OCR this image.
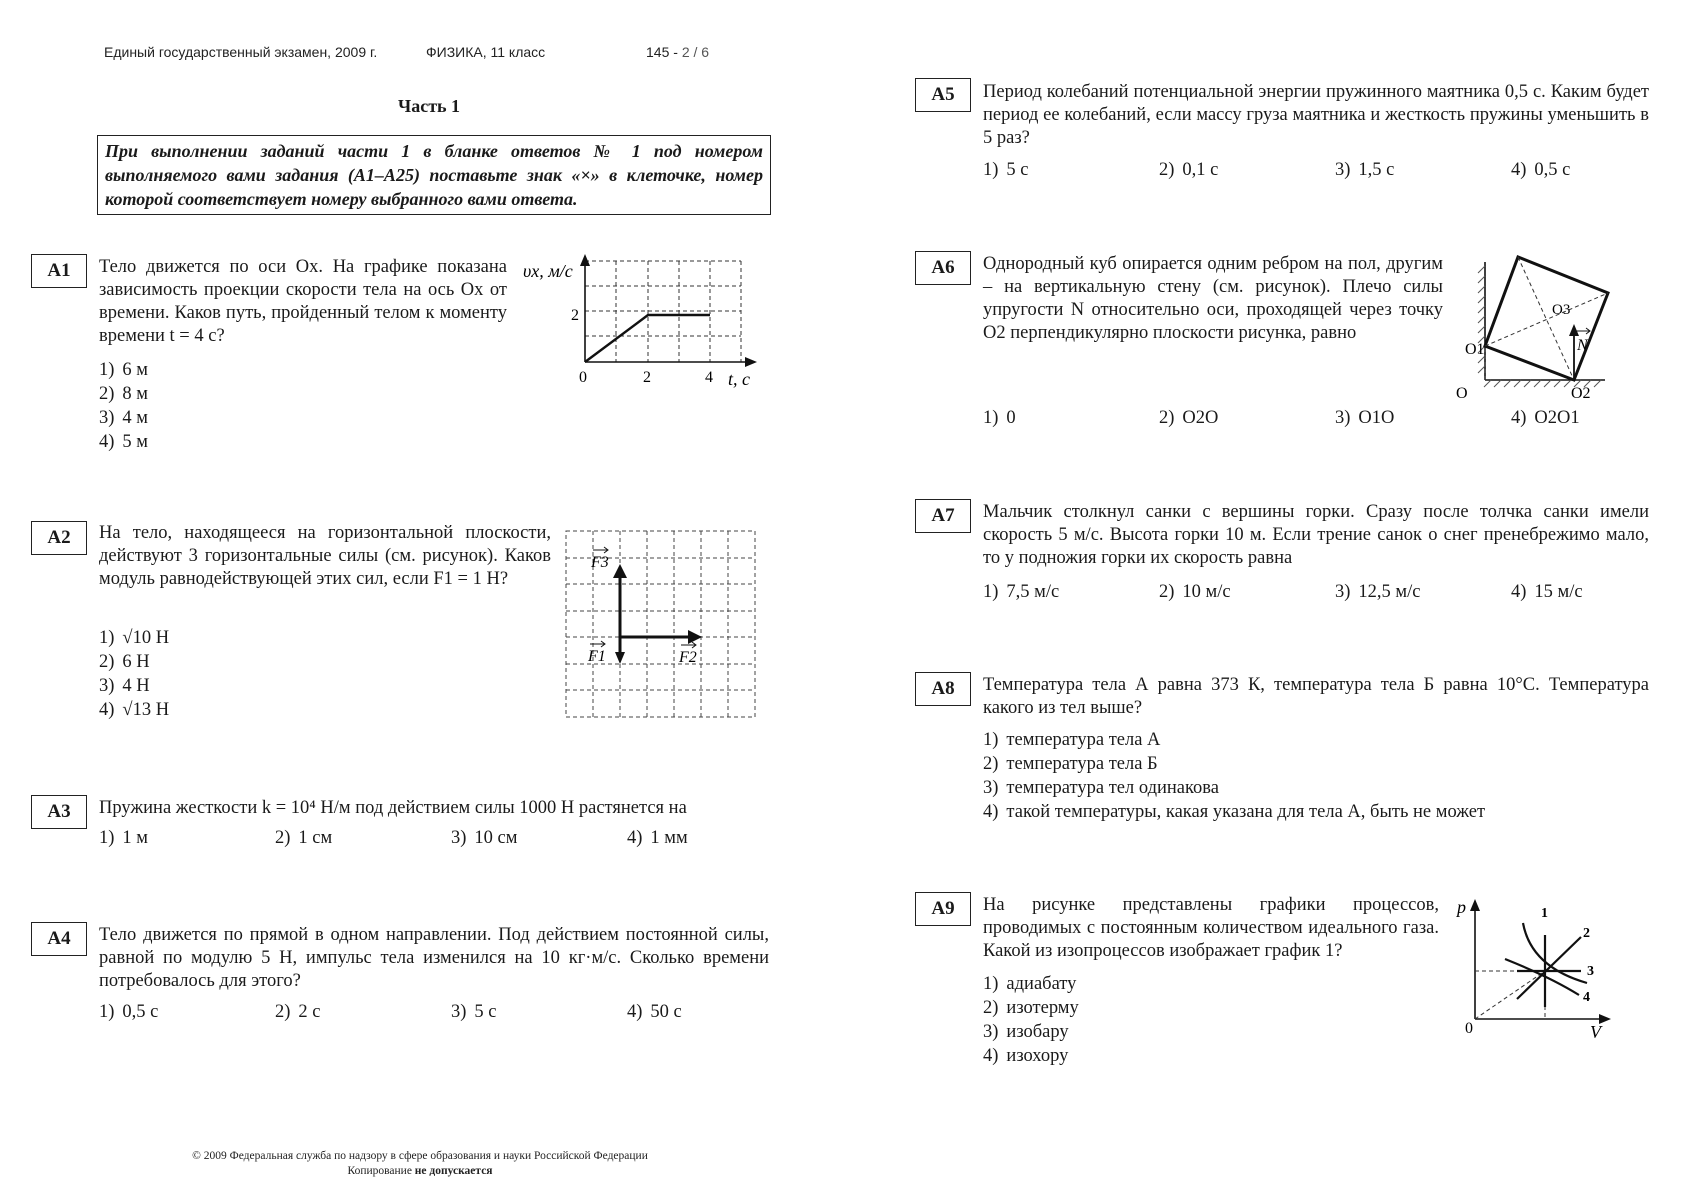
Единый государственный экзамен, 2009 г.	ФИЗИКА, 11 класс	145 - 2 / 6
Часть 1
При выполнении заданий части 1 в бланке ответов № 1 под номером выполняемого вами задания (А1–А25) поставьте знак «×» в клеточке, номер которой соответствует номеру выбранного вами ответа.
А1	Тело движется по оси Ox. На графике показана зависимость проекции скорости тела на ось Ox от времени. Каков путь, пройденный телом к моменту времени t = 4 с?
1) 6 м
2) 8 м
3) 4 м
4) 5 м
υx, м/с
2
0	2	4 t, с
А2	На тело, находящееся на горизонтальной плоскости, действуют 3 горизонтальные силы (см. рисунок). Каков модуль равнодействующей этих сил, если F1 = 1 Н?
1) √10 Н
2) 6 Н
3) 4 Н
4) √13 Н
F3
F1	F2
А3	Пружина жесткости k = 10⁴ Н/м под действием силы 1000 Н растянется на
1) 1 м	2) 1 см	3) 10 см	4) 1 мм
А4	Тело движется по прямой в одном направлении. Под действием постоянной силы, равной по модулю 5 Н, импульс тела изменился на 10 кг·м/с. Сколько времени потребовалось для этого?
1) 0,5 с	2) 2 с	3) 5 с	4) 50 с
А5	Период колебаний потенциальной энергии пружинного маятника 0,5 с. Каким будет период ее колебаний, если массу груза маятника и жесткость пружины уменьшить в 5 раз?
1) 5 с	2) 0,1 с	3) 1,5 с	4) 0,5 с
А6	Однородный куб опирается одним ребром на пол, другим – на вертикальную стену (см. рисунок). Плечо силы упругости N относительно оси, проходящей через точку O2 перпендикулярно плоскости рисунка, равно
1) 0	2) O2O	3) O1O	4) O2O1
O1
O	O2
O3
N
А7	Мальчик столкнул санки с вершины горки. Сразу после толчка санки имели скорость 5 м/с. Высота горки 10 м. Если трение санок о снег пренебрежимо мало, то у подножия горки их скорость равна
1) 7,5 м/с	2) 10 м/с	3) 12,5 м/с	4) 15 м/с
А8	Температура тела А равна 373 К, температура тела Б равна 10°С. Температура какого из тел выше?
1) температура тела А
2) температура тела Б
3) температура тел одинакова
4) такой температуры, какая указана для тела А, быть не может
А9	На рисунке представлены графики процессов, проводимых с постоянным количеством идеального газа. Какой из изопроцессов изображает график 1?
1) адиабату
2) изотерму
3) изобару
4) изохору
p
V
0
1
2
3
4
© 2009 Федеральная служба по надзору в сфере образования и науки Российской Федерации
Копирование не допускается
